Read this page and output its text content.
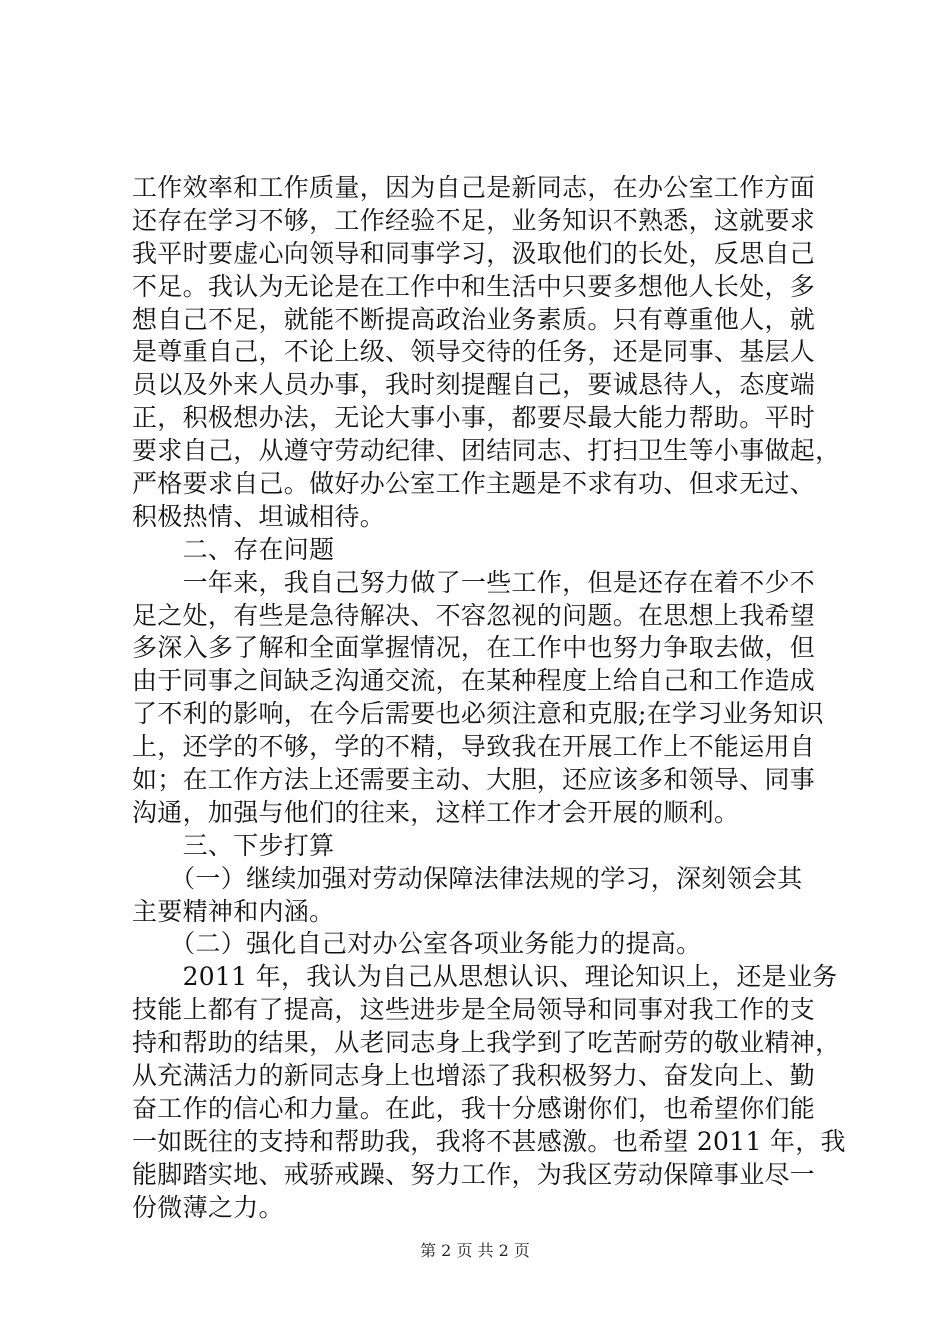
工作效率和工作质量，因为自己是新同志，在办公室工作方面
还存在学习不够，工作经验不足，业务知识不熟悉，这就要求
我平时要虚心向领导和同事学习，汲取他们的长处，反思自己
不足。我认为无论是在工作中和生活中只要多想他人长处，多
想自己不足，就能不断提高政治业务素质。只有尊重他人，就
是尊重自己，不论上级、领导交待的任务，还是同事、基层人
员以及外来人员办事，我时刻提醒自己，要诚恳待人，态度端
正，积极想办法，无论大事小事，都要尽最大能力帮助。平时
要求自己，从遵守劳动纪律、团结同志、打扫卫生等小事做起，
严格要求自己。做好办公室工作主题是不求有功、但求无过、
积极热情、坦诚相待。
　　二、存在问题
　　一年来，我自己努力做了一些工作，但是还存在着不少不
足之处，有些是急待解决、不容忽视的问题。在思想上我希望
多深入多了解和全面掌握情况，在工作中也努力争取去做，但
由于同事之间缺乏沟通交流，在某种程度上给自己和工作造成
了不利的影响，在今后需要也必须注意和克服;在学习业务知识
上，还学的不够，学的不精，导致我在开展工作上不能运用自
如；在工作方法上还需要主动、大胆，还应该多和领导、同事
沟通，加强与他们的往来，这样工作才会开展的顺利。
　　三、下步打算
　　（一）继续加强对劳动保障法律法规的学习，深刻领会其
主要精神和内涵。
　　（二）强化自己对办公室各项业务能力的提高。
　　2011 年，我认为自己从思想认识、理论知识上，还是业务
技能上都有了提高，这些进步是全局领导和同事对我工作的支
持和帮助的结果，从老同志身上我学到了吃苦耐劳的敬业精神，
从充满活力的新同志身上也增添了我积极努力、奋发向上、勤
奋工作的信心和力量。在此，我十分感谢你们，也希望你们能
一如既往的支持和帮助我，我将不甚感激。也希望 2011 年，我
能脚踏实地、戒骄戒躁、努力工作，为我区劳动保障事业尽一
份微薄之力。
第 2 页 共 2 页
